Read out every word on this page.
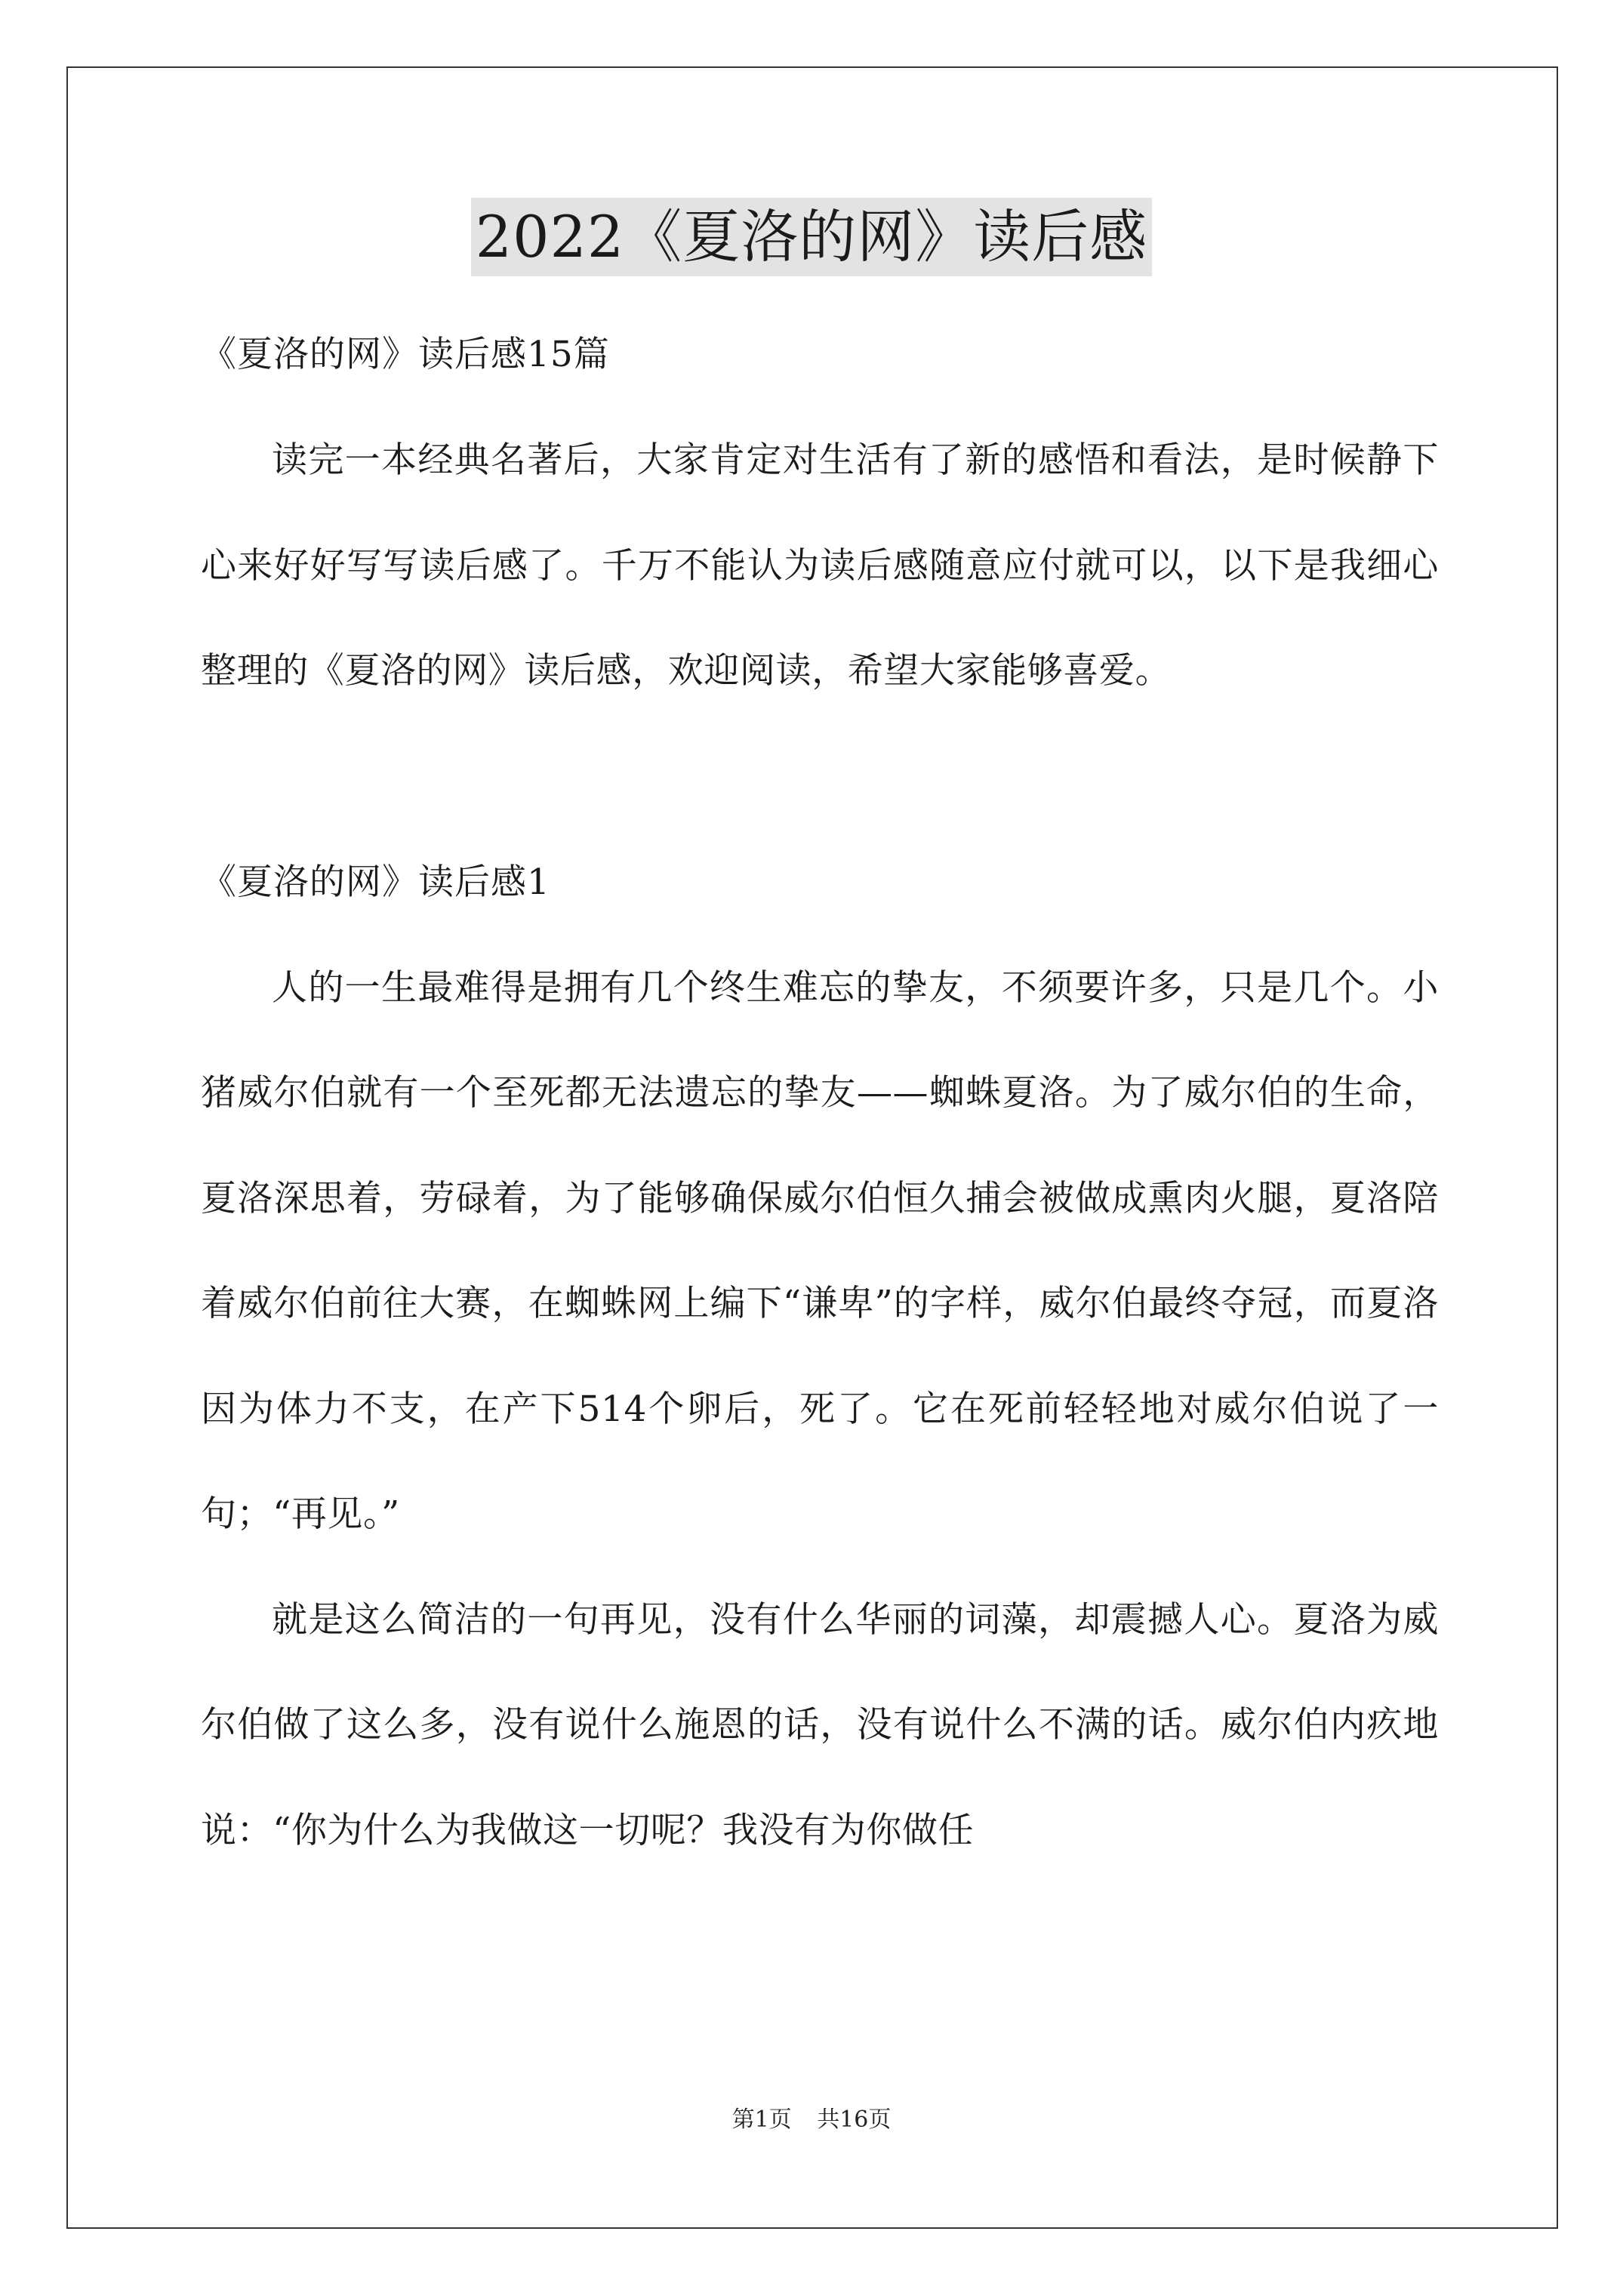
2022《夏洛的网》读后感

《夏洛的网》读后感15篇

读完一本经典名著后，大家肯定对生活有了新的感悟和看法，是时候静下心来好好写写读后感了。千万不能认为读后感随意应付就可以，以下是我细心整理的《夏洛的网》读后感，欢迎阅读，希望大家能够喜爱。

《夏洛的网》读后感1

人的一生最难得是拥有几个终生难忘的挚友，不须要许多，只是几个。小猪威尔伯就有一个至死都无法遗忘的挚友——蜘蛛夏洛。为了威尔伯的生命，夏洛深思着，劳碌着，为了能够确保威尔伯恒久捕会被做成熏肉火腿，夏洛陪着威尔伯前往大赛，在蜘蛛网上编下“谦卑”的字样，威尔伯最终夺冠，而夏洛因为体力不支，在产下514个卵后，死了。它在死前轻轻地对威尔伯说了一句；“再见。”

就是这么简洁的一句再见，没有什么华丽的词藻，却震撼人心。夏洛为威尔伯做了这么多，没有说什么施恩的话，没有说什么不满的话。威尔伯内疚地说：“你为什么为我做这一切呢？我没有为你做任

第1页 共16页
